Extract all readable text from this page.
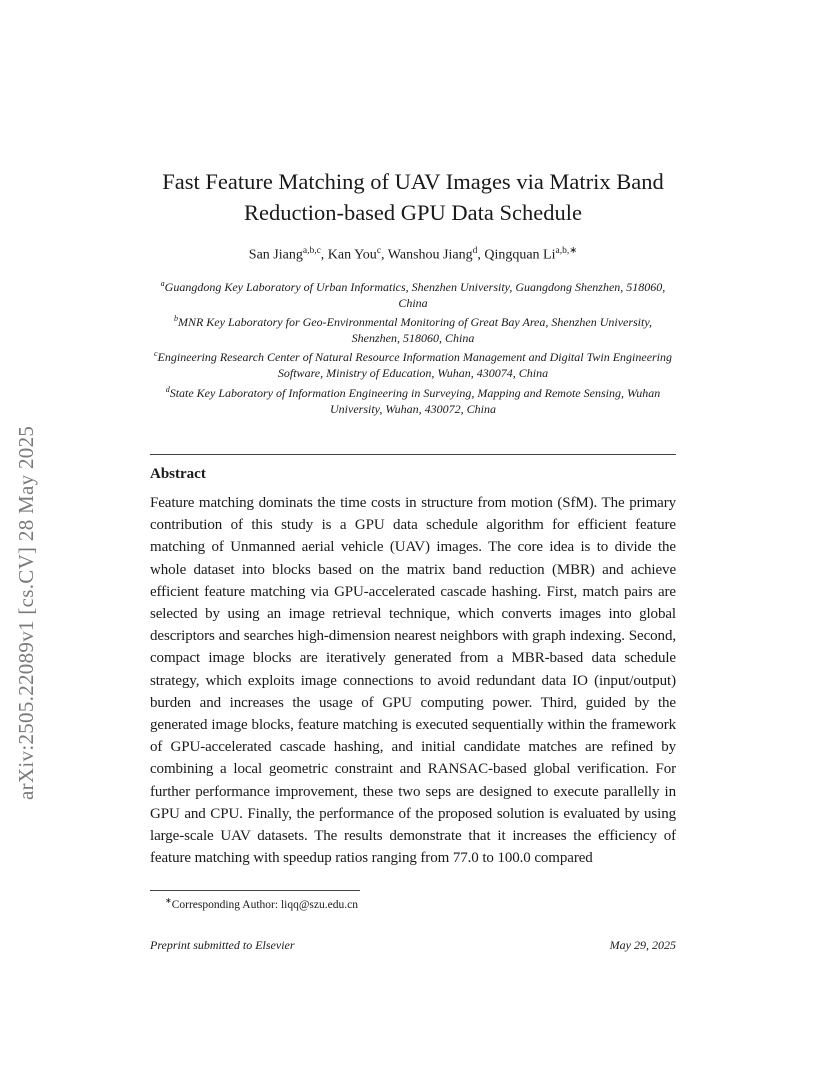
arXiv:2505.22089v1 [cs.CV] 28 May 2025
Fast Feature Matching of UAV Images via Matrix Band
Reduction-based GPU Data Schedule
San Jiang$^{a,b,c}$, Kan You$^c$, Wanshou Jiang$^d$, Qingquan $Li^{a,b,∗}$

$^a$Guangdong Key Laboratory of Urban Informatics, Shenzhen University, Guangdong Shenzhen, 518060, China

$^b$MNR Key Laboratory for Geo-Environmental Monitoring of Great Bay Area, Shenzhen University, Shenzhen, 518060, China

$^c$Engineering Research Center of Natural Resource Information Management and Digital Twin Engineering Software, Ministry of Education, Wuhan, 430074, China

$^d$State Key Laboratory of Information Engineering in Surveying, Mapping and Remote Sensing, Wuhan University, Wuhan, 430072, China

Abstract

Feature matching dominats the time costs in structure from motion (SfM). The primary contribution of this study is a GPU data schedule algorithm for efficient feature matching of Unmanned aerial vehicle (UAV) images. The core idea is to divide the whole dataset into blocks based on the matrix band reduction (MBR) and achieve efficient feature matching via GPU-accelerated cascade hashing. First, match pairs are selected by using an image retrieval technique, which converts images into global descriptors and searches high-dimension nearest neighbors with graph indexing. Second, compact image blocks are iteratively generated from a MBR-based data schedule strategy, which exploits image connections to avoid redundant data IO (input/output) burden and increases the usage of GPU computing power. Third, guided by the generated image blocks, feature matching is executed sequentially within the framework of GPU-accelerated cascade hashing, and initial candidate matches are refined by combining a local geometric constraint and RANSAC-based global verification. For further performance improvement, these two seps are designed to execute parallelly in GPU and CPU. Finally, the performance of the proposed solution is evaluated by using large-scale UAV datasets. The results demonstrate that it increases the efficiency of feature matching with speedup ratios ranging from 77.0 to 100.0 compared

∗Corresponding Author: liqq@szu.edu.cn
Preprint submitted to Elsevier	May 29, 2025
